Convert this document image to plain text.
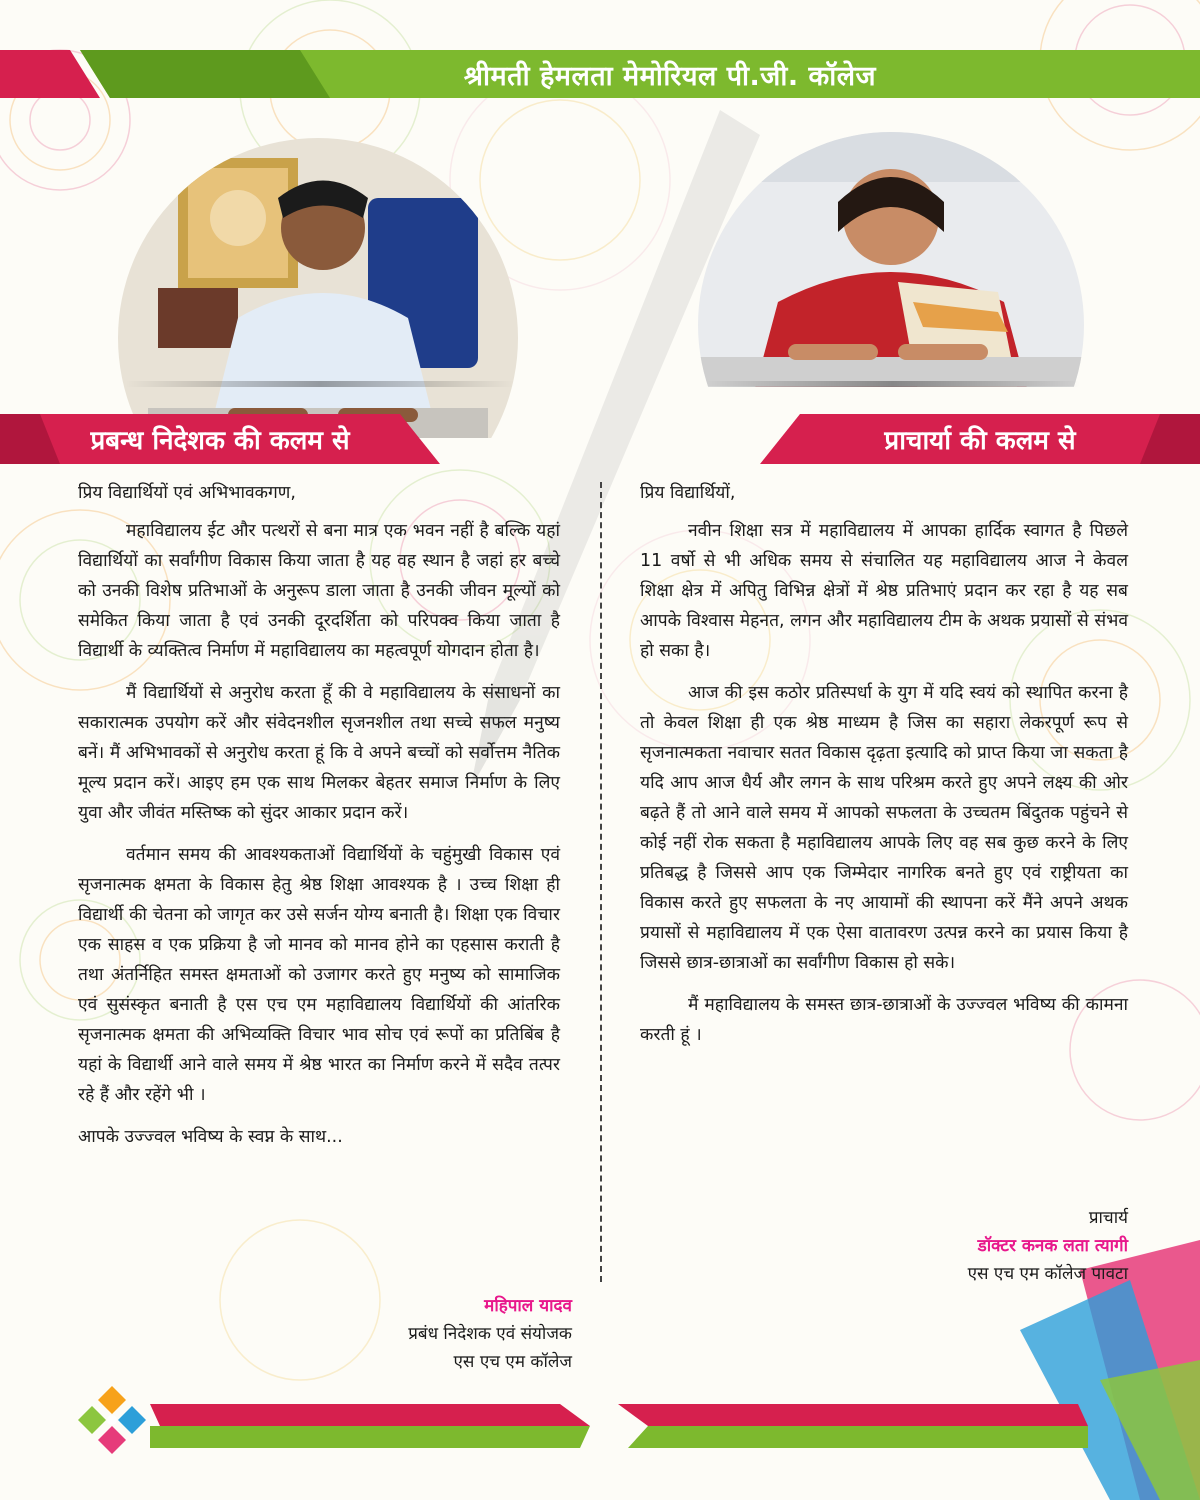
श्रीमती हेमलता मेमोरियल पी.जी. कॉलेज
प्रबन्ध निदेशक की कलम से	प्राचार्या की कलम से

प्रिय विद्यार्थियों एवं अभिभावकगण,

महाविद्यालय ईट और पत्थरों से बना मात्र एक भवन नहीं है बल्कि यहां विद्यार्थियों का सर्वांगीण विकास किया जाता है यह वह स्थान है जहां हर बच्चे को उनकी विशेष प्रतिभाओं के अनुरूप डाला जाता है उनकी जीवन मूल्यों को समेकित किया जाता है एवं उनकी दूरदर्शिता को परिपक्व किया जाता है विद्यार्थी के व्यक्तित्व निर्माण में महाविद्यालय का महत्वपूर्ण योगदान होता है।

मैं विद्यार्थियों से अनुरोध करता हूँ की वे महाविद्यालय के संसाधनों का सकारात्मक उपयोग करें और संवेदनशील सृजनशील तथा सच्चे सफल मनुष्य बनें। मैं अभिभावकों से अनुरोध करता हूं कि वे अपने बच्चों को सर्वोत्तम नैतिक मूल्य प्रदान करें। आइए हम एक साथ मिलकर बेहतर समाज निर्माण के लिए युवा और जीवंत मस्तिष्क को सुंदर आकार प्रदान करें।

वर्तमान समय की आवश्यकताओं विद्यार्थियों के चहुंमुखी विकास एवं सृजनात्मक क्षमता के विकास हेतु श्रेष्ठ शिक्षा आवश्यक है । उच्च शिक्षा ही विद्यार्थी की चेतना को जागृत कर उसे सर्जन योग्य बनाती है। शिक्षा एक विचार एक साहस व एक प्रक्रिया है जो मानव को मानव होने का एहसास कराती है तथा अंतर्निहित समस्त क्षमताओं को उजागर करते हुए मनुष्य को सामाजिक एवं सुसंस्कृत बनाती है एस एच एम महाविद्यालय विद्यार्थियों की आंतरिक सृजनात्मक क्षमता की अभिव्यक्ति विचार भाव सोच एवं रूपों का प्रतिबिंब है यहां के विद्यार्थी आने वाले समय में श्रेष्ठ भारत का निर्माण करने में सदैव तत्पर रहे हैं और रहेंगे भी ।

आपके उज्ज्वल भविष्य के स्वप्न के साथ...

प्रिय विद्यार्थियों,

नवीन शिक्षा सत्र में महाविद्यालय में आपका हार्दिक स्वागत है पिछले 11 वर्षो से भी अधिक समय से संचालित यह महाविद्यालय आज ने केवल शिक्षा क्षेत्र में अपितु विभिन्न क्षेत्रों में श्रेष्ठ प्रतिभाएं प्रदान कर रहा है यह सब आपके विश्वास मेहनत, लगन और महाविद्यालय टीम के अथक प्रयासों से संभव हो सका है।

आज की इस कठोर प्रतिस्पर्धा के युग में यदि स्वयं को स्थापित करना है तो केवल शिक्षा ही एक श्रेष्ठ माध्यम है जिस का सहारा लेकरपूर्ण रूप से सृजनात्मकता नवाचार सतत विकास दृढ़ता इत्यादि को प्राप्त किया जा सकता है यदि आप आज धैर्य और लगन के साथ परिश्रम करते हुए अपने लक्ष्य की ओर बढ़ते हैं तो आने वाले समय में आपको सफलता के उच्चतम बिंदुतक पहुंचने से कोई नहीं रोक सकता है महाविद्यालय आपके लिए वह सब कुछ करने के लिए प्रतिबद्ध है जिससे आप एक जिम्मेदार नागरिक बनते हुए एवं राष्ट्रीयता का विकास करते हुए सफलता के नए आयामों की स्थापना करें मैंने अपने अथक प्रयासों से महाविद्यालय में एक ऐसा वातावरण उत्पन्न करने का प्रयास किया है जिससे छात्र-छात्राओं का सर्वांगीण विकास हो सके।

मैं महाविद्यालय के समस्त छात्र-छात्राओं के उज्ज्वल भविष्य की कामना करती हूं ।

महिपाल यादव
प्रबंध निदेशक एवं संयोजक
एस एच एम कॉलेज
प्राचार्य
डॉक्टर कनक लता त्यागी
एस एच एम कॉलेज पावटा
